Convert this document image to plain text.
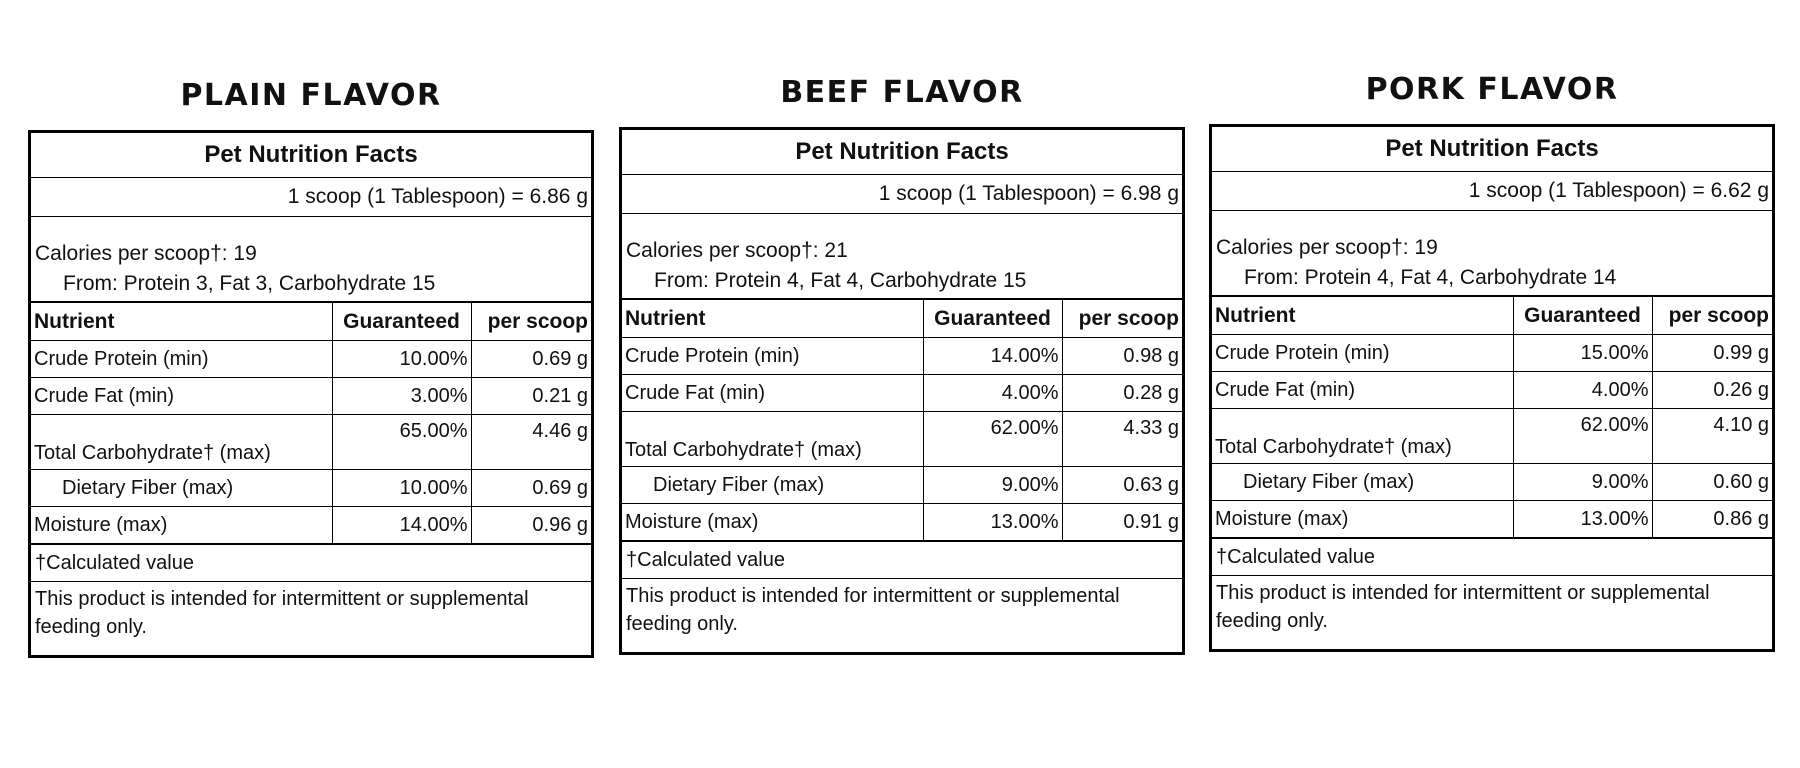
PLAIN FLAVOR
Pet Nutrition Facts
1 scoop (1 Tablespoon) = 6.86 g
Calories per scoop†: 19
From: Protein 3, Fat 3, Carbohydrate 15
Nutrient	Guaranteed	per scoop
Crude Protein (min)	10.00%	0.69 g
Crude Fat (min)	3.00%	0.21 g
Total Carbohydrate† (max)	65.00%	4.46 g
Dietary Fiber (max)	10.00%	0.69 g
Moisture (max)	14.00%	0.96 g
†Calculated value
This product is intended for intermittent or supplemental feeding only.
BEEF FLAVOR
Pet Nutrition Facts
1 scoop (1 Tablespoon) = 6.98 g
Calories per scoop†: 21
From: Protein 4, Fat 4, Carbohydrate 15
Nutrient	Guaranteed	per scoop
Crude Protein (min)	14.00%	0.98 g
Crude Fat (min)	4.00%	0.28 g
Total Carbohydrate† (max)	62.00%	4.33 g
Dietary Fiber (max)	9.00%	0.63 g
Moisture (max)	13.00%	0.91 g
†Calculated value
This product is intended for intermittent or supplemental feeding only.
PORK FLAVOR
Pet Nutrition Facts
1 scoop (1 Tablespoon) = 6.62 g
Calories per scoop†: 19
From: Protein 4, Fat 4, Carbohydrate 14
Nutrient	Guaranteed	per scoop
Crude Protein (min)	15.00%	0.99 g
Crude Fat (min)	4.00%	0.26 g
Total Carbohydrate† (max)	62.00%	4.10 g
Dietary Fiber (max)	9.00%	0.60 g
Moisture (max)	13.00%	0.86 g
†Calculated value
This product is intended for intermittent or supplemental feeding only.
